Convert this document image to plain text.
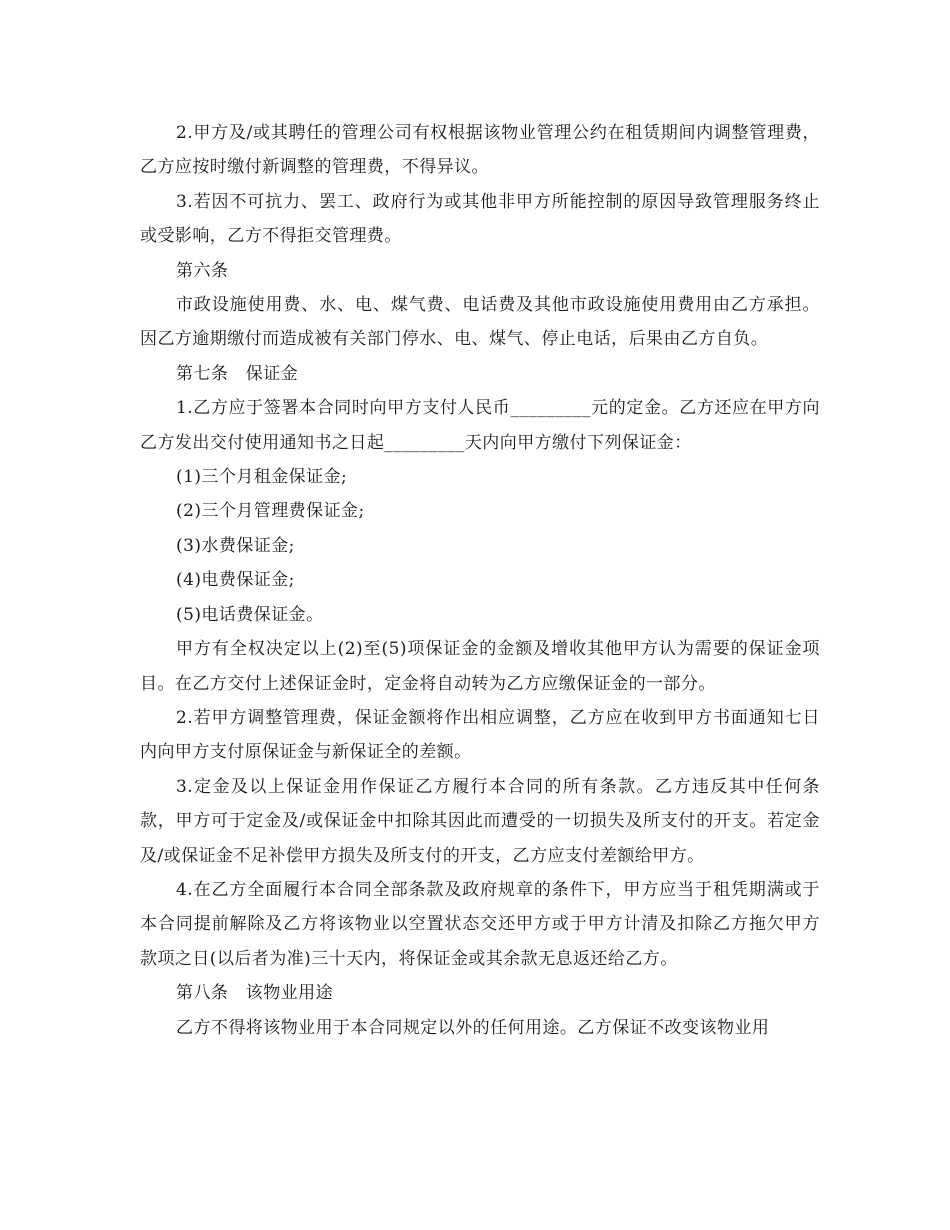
2.甲方及/或其聘任的管理公司有权根据该物业管理公约在租赁期间内调整管理费，乙方应按时缴付新调整的管理费，不得异议。

3.若因不可抗力、罢工、政府行为或其他非甲方所能控制的原因导致管理服务终止或受影响，乙方不得拒交管理费。

第六条

市政设施使用费、水、电、煤气费、电话费及其他市政设施使用费用由乙方承担。因乙方逾期缴付而造成被有关部门停水、电、煤气、停止电话，后果由乙方自负。

第七条　保证金

1.乙方应于签署本合同时向甲方支付人民币_________元的定金。乙方还应在甲方向乙方发出交付使用通知书之日起_________天内向甲方缴付下列保证金：

(1)三个月租金保证金;

(2)三个月管理费保证金;

(3)水费保证金;

(4)电费保证金;

(5)电话费保证金。

甲方有全权决定以上(2)至(5)项保证金的金额及增收其他甲方认为需要的保证金项目。在乙方交付上述保证金时，定金将自动转为乙方应缴保证金的一部分。

2.若甲方调整管理费，保证金额将作出相应调整，乙方应在收到甲方书面通知七日内向甲方支付原保证金与新保证全的差额。

3.定金及以上保证金用作保证乙方履行本合同的所有条款。乙方违反其中任何条款，甲方可于定金及/或保证金中扣除其因此而遭受的一切损失及所支付的开支。若定金及/或保证金不足补偿甲方损失及所支付的开支，乙方应支付差额给甲方。

4.在乙方全面履行本合同全部条款及政府规章的条件下，甲方应当于租凭期满或于本合同提前解除及乙方将该物业以空置状态交还甲方或于甲方计清及扣除乙方拖欠甲方款项之日(以后者为准)三十天内，将保证金或其余款无息返还给乙方。

第八条　该物业用途

乙方不得将该物业用于本合同规定以外的任何用途。乙方保证不改变该物业用
